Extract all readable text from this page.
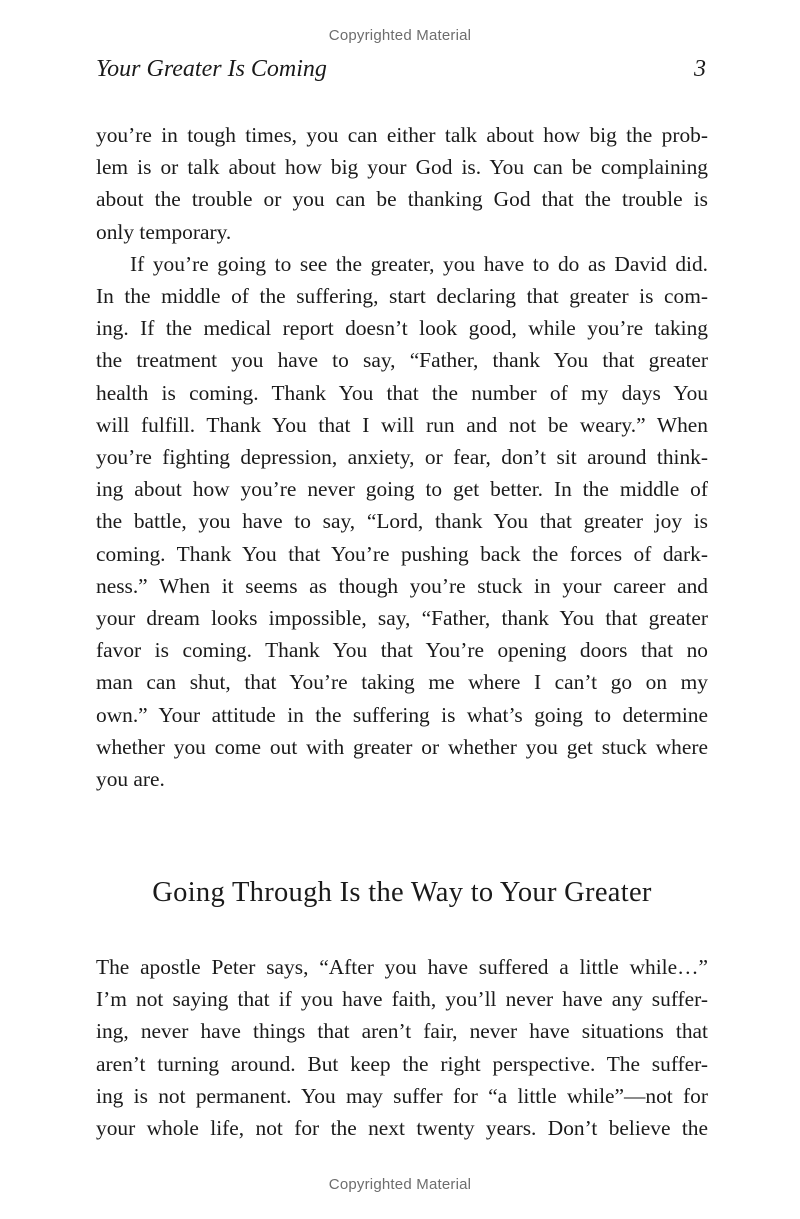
Copyrighted Material
Your Greater Is Coming	3

you’re in tough times, you can either talk about how big the prob-
lem is or talk about how big your God is. You can be complaining
about the trouble or you can be thanking God that the trouble is
only temporary.

If you’re going to see the greater, you have to do as David did.
In the middle of the suffering, start declaring that greater is com-
ing. If the medical report doesn’t look good, while you’re taking
the treatment you have to say, “Father, thank You that greater
health is coming. Thank You that the number of my days You
will fulfill. Thank You that I will run and not be weary.” When
you’re fighting depression, anxiety, or fear, don’t sit around think-
ing about how you’re never going to get better. In the middle of
the battle, you have to say, “Lord, thank You that greater joy is
coming. Thank You that You’re pushing back the forces of dark-
ness.” When it seems as though you’re stuck in your career and
your dream looks impossible, say, “Father, thank You that greater
favor is coming. Thank You that You’re opening doors that no
man can shut, that You’re taking me where I can’t go on my
own.” Your attitude in the suffering is what’s going to determine
whether you come out with greater or whether you get stuck where
you are.

Going Through Is the Way to Your Greater

The apostle Peter says, “After you have suffered a little while…”
I’m not saying that if you have faith, you’ll never have any suffer-
ing, never have things that aren’t fair, never have situations that
aren’t turning around. But keep the right perspective. The suffer-
ing is not permanent. You may suffer for “a little while”—not for
your whole life, not for the next twenty years. Don’t believe the

Copyrighted Material
